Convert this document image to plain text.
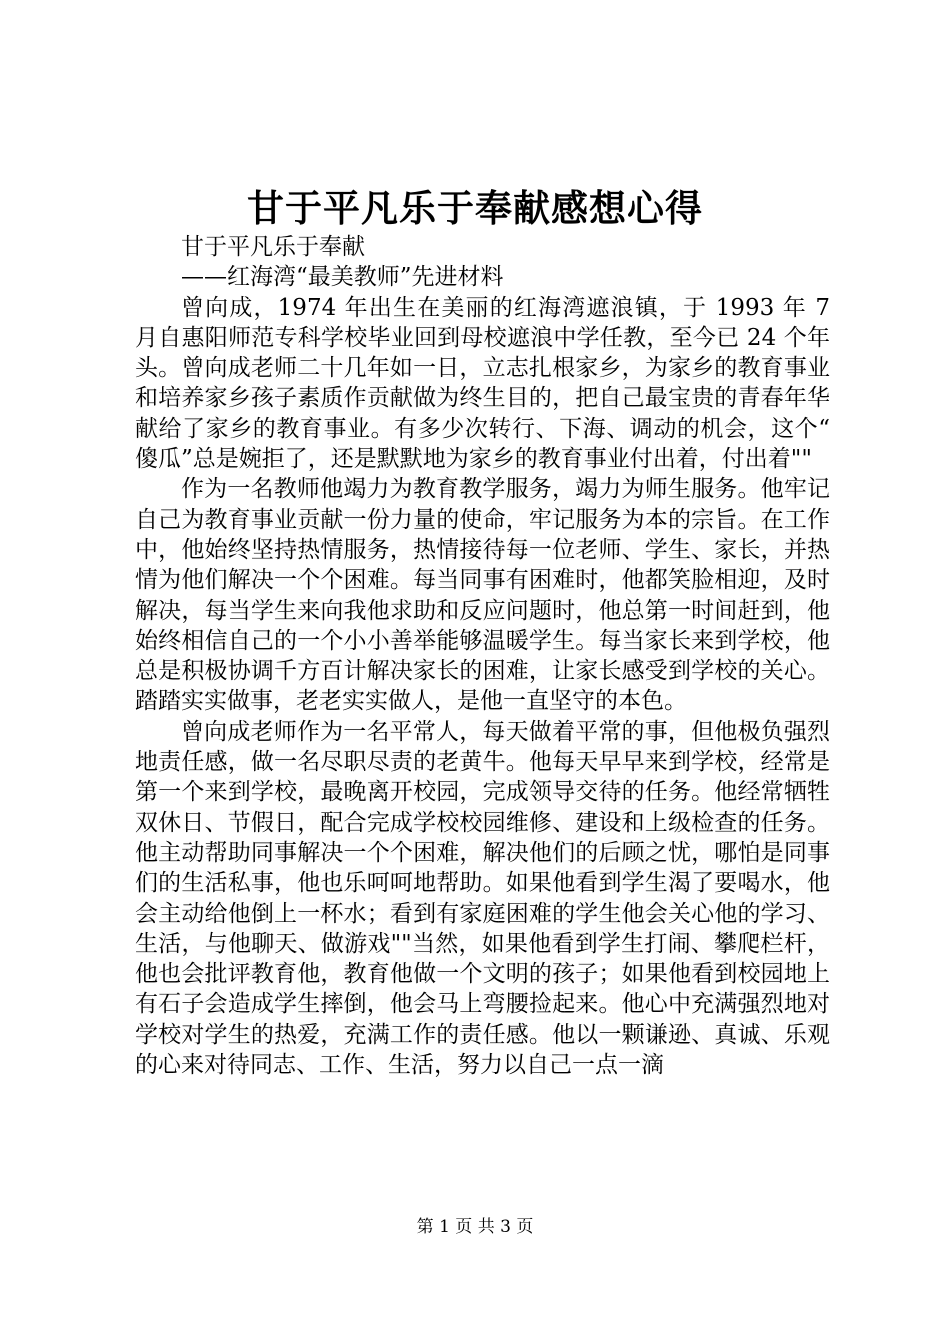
甘于平凡乐于奉献感想心得

甘于平凡乐于奉献

——红海湾“最美教师”先进材料

曾向成，1974 年出生在美丽的红海湾遮浪镇，于 1993 年 7 月自惠阳师范专科学校毕业回到母校遮浪中学任教，至今已 24 个年头。曾向成老师二十几年如一日，立志扎根家乡，为家乡的教育事业和培养家乡孩子素质作贡献做为终生目的，把自己最宝贵的青春年华献给了家乡的教育事业。有多少次转行、下海、调动的机会，这个“傻瓜”总是婉拒了，还是默默地为家乡的教育事业付出着，付出着""

作为一名教师他竭力为教育教学服务，竭力为师生服务。他牢记自己为教育事业贡献一份力量的使命，牢记服务为本的宗旨。在工作中，他始终坚持热情服务，热情接待每一位老师、学生、家长，并热情为他们解决一个个困难。每当同事有困难时，他都笑脸相迎，及时解决，每当学生来向我他求助和反应问题时，他总第一时间赶到，他始终相信自己的一个小小善举能够温暖学生。每当家长来到学校，他总是积极协调千方百计解决家长的困难，让家长感受到学校的关心。踏踏实实做事，老老实实做人，是他一直坚守的本色。

曾向成老师作为一名平常人，每天做着平常的事，但他极负强烈地责任感，做一名尽职尽责的老黄牛。他每天早早来到学校，经常是第一个来到学校，最晚离开校园，完成领导交待的任务。他经常牺牲双休日、节假日，配合完成学校校园维修、建设和上级检查的任务。他主动帮助同事解决一个个困难，解决他们的后顾之忧，哪怕是同事们的生活私事，他也乐呵呵地帮助。如果他看到学生渴了要喝水，他会主动给他倒上一杯水；看到有家庭困难的学生他会关心他的学习、生活，与他聊天、做游戏""当然，如果他看到学生打闹、攀爬栏杆，他也会批评教育他，教育他做一个文明的孩子；如果他看到校园地上有石子会造成学生摔倒，他会马上弯腰捡起来。他心中充满强烈地对学校对学生的热爱，充满工作的责任感。他以一颗谦逊、真诚、乐观的心来对待同志、工作、生活，努力以自己一点一滴

第 1 页 共 3 页
